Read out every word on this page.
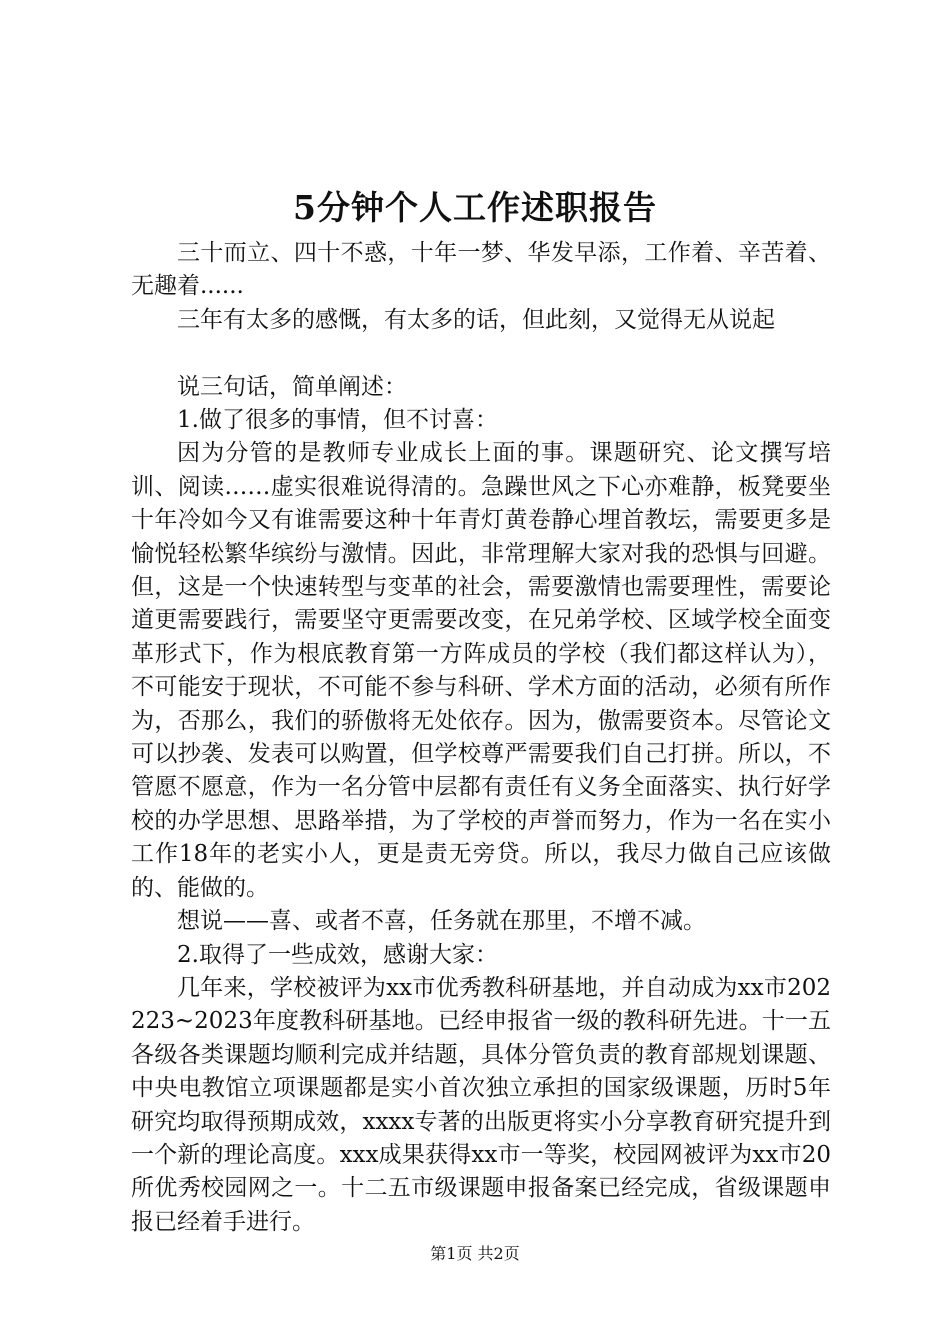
5分钟个人工作述职报告

三十而立、四十不惑，十年一梦、华发早添，工作着、辛苦着、无趣着......

三年有太多的感慨，有太多的话，但此刻，又觉得无从说起

说三句话，简单阐述：

1.做了很多的事情，但不讨喜：

因为分管的是教师专业成长上面的事。课题研究、论文撰写培训、阅读……虚实很难说得清的。急躁世风之下心亦难静，板凳要坐十年冷如今又有谁需要这种十年青灯黄卷静心埋首教坛，需要更多是愉悦轻松繁华缤纷与激情。因此，非常理解大家对我的恐惧与回避。但，这是一个快速转型与变革的社会，需要激情也需要理性，需要论道更需要践行，需要坚守更需要改变，在兄弟学校、区域学校全面变革形式下，作为根底教育第一方阵成员的学校（我们都这样认为），不可能安于现状，不可能不参与科研、学术方面的活动，必须有所作为，否那么，我们的骄傲将无处依存。因为，傲需要资本。尽管论文可以抄袭、发表可以购置，但学校尊严需要我们自己打拼。所以，不管愿不愿意，作为一名分管中层都有责任有义务全面落实、执行好学校的办学思想、思路举措，为了学校的声誉而努力，作为一名在实小工作18年的老实小人，更是责无旁贷。所以，我尽力做自己应该做的、能做的。

想说——喜、或者不喜，任务就在那里，不增不减。

2.取得了一些成效，感谢大家：

几年来，学校被评为xx市优秀教科研基地，并自动成为xx市202223~2023年度教科研基地。已经申报省一级的教科研先进。十一五各级各类课题均顺利完成并结题，具体分管负责的教育部规划课题、中央电教馆立项课题都是实小首次独立承担的国家级课题，历时5年研究均取得预期成效，xxxx专著的出版更将实小分享教育研究提升到一个新的理论高度。xxx成果获得xx市一等奖，校园网被评为xx市20所优秀校园网之一。十二五市级课题申报备案已经完成，省级课题申报已经着手进行。

第1页 共2页
